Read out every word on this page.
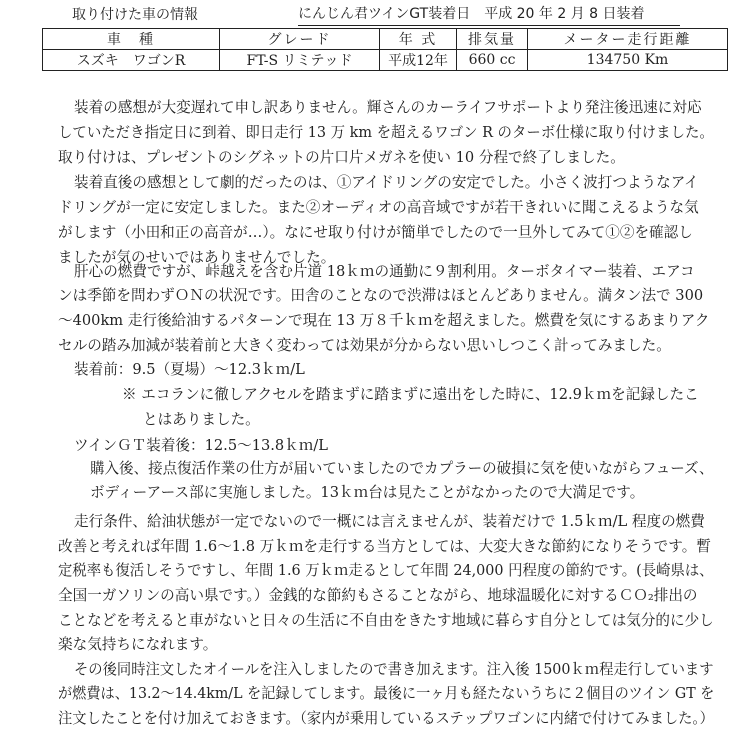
取り付けた車の情報	にんじん君ツインGT装着日　平成 20 年 2 月 8 日装着
車　種	グレード	年 式	排気量	メーター走行距離
スズキ　ワゴンR	FT-S リミテッド	平成12年	660 cc	134750 Km
装着の感想が大変遅れて申し訳ありません。輝さんのカーライフサポートより発注後迅速に対応
していただき指定日に到着、即日走行 13 万 km を超えるワゴン R のターボ仕様に取り付けました。
取り付けは、プレゼントのシグネットの片口片メガネを使い 10 分程で終了しました。
装着直後の感想として劇的だったのは、①アイドリングの安定でした。小さく波打つようなアイ
ドリングが一定に安定しました。また②オーディオの高音域ですが若干きれいに聞こえるような気
がします（小田和正の高音が…）。なにせ取り付けが簡単でしたので一旦外してみて①②を確認し
ましたが気のせいではありませんでした。
肝心の燃費ですが、峠越えを含む片道 18ｋｍの通勤に９割利用。ターボタイマー装着、エアコ
ンは季節を問わずＯＮの状況です。田舎のことなので渋滞はほとんどありません。満タン法で 300
～400km 走行後給油するパターンで現在 13 万８千ｋｍを超えました。燃費を気にするあまりアク
セルの踏み加減が装着前と大きく変わっては効果が分からない思いしつこく計ってみました。
装着前：9.5（夏場）～12.3ｋｍ/L
※ エコランに徹しアクセルを踏まずに踏まずに遠出をした時に、12.9ｋｍを記録したこ
とはありました。
ツインＧＴ装着後：12.5～13.8ｋｍ/L
購入後、接点復活作業の仕方が届いていましたのでカプラーの破損に気を使いながらフューズ、
ボディーアース部に実施しました。13ｋｍ台は見たことがなかったので大満足です。
走行条件、給油状態が一定でないので一概には言えませんが、装着だけで 1.5ｋｍ/L 程度の燃費
改善と考えれば年間 1.6～1.8 万ｋｍを走行する当方としては、大変大きな節約になりそうです。暫
定税率も復活しそうですし、年間 1.6 万ｋｍ走るとして年間 24,000 円程度の節約です。(長崎県は、
全国一ガソリンの高い県です。）金銭的な節約もさることながら、地球温暖化に対するＣＯ₂排出の
ことなどを考えると車がないと日々の生活に不自由をきたす地域に暮らす自分としては気分的に少し
楽な気持ちになれます。
その後同時注文したオイールを注入しましたので書き加えます。注入後 1500ｋｍ程走行しています
が燃費は、13.2～14.4km/L を記録してします。最後に一ヶ月も経たないうちに２個目のツイン GT を
注文したことを付け加えておきます。（家内が乗用しているステップワゴンに内緒で付けてみました。）
